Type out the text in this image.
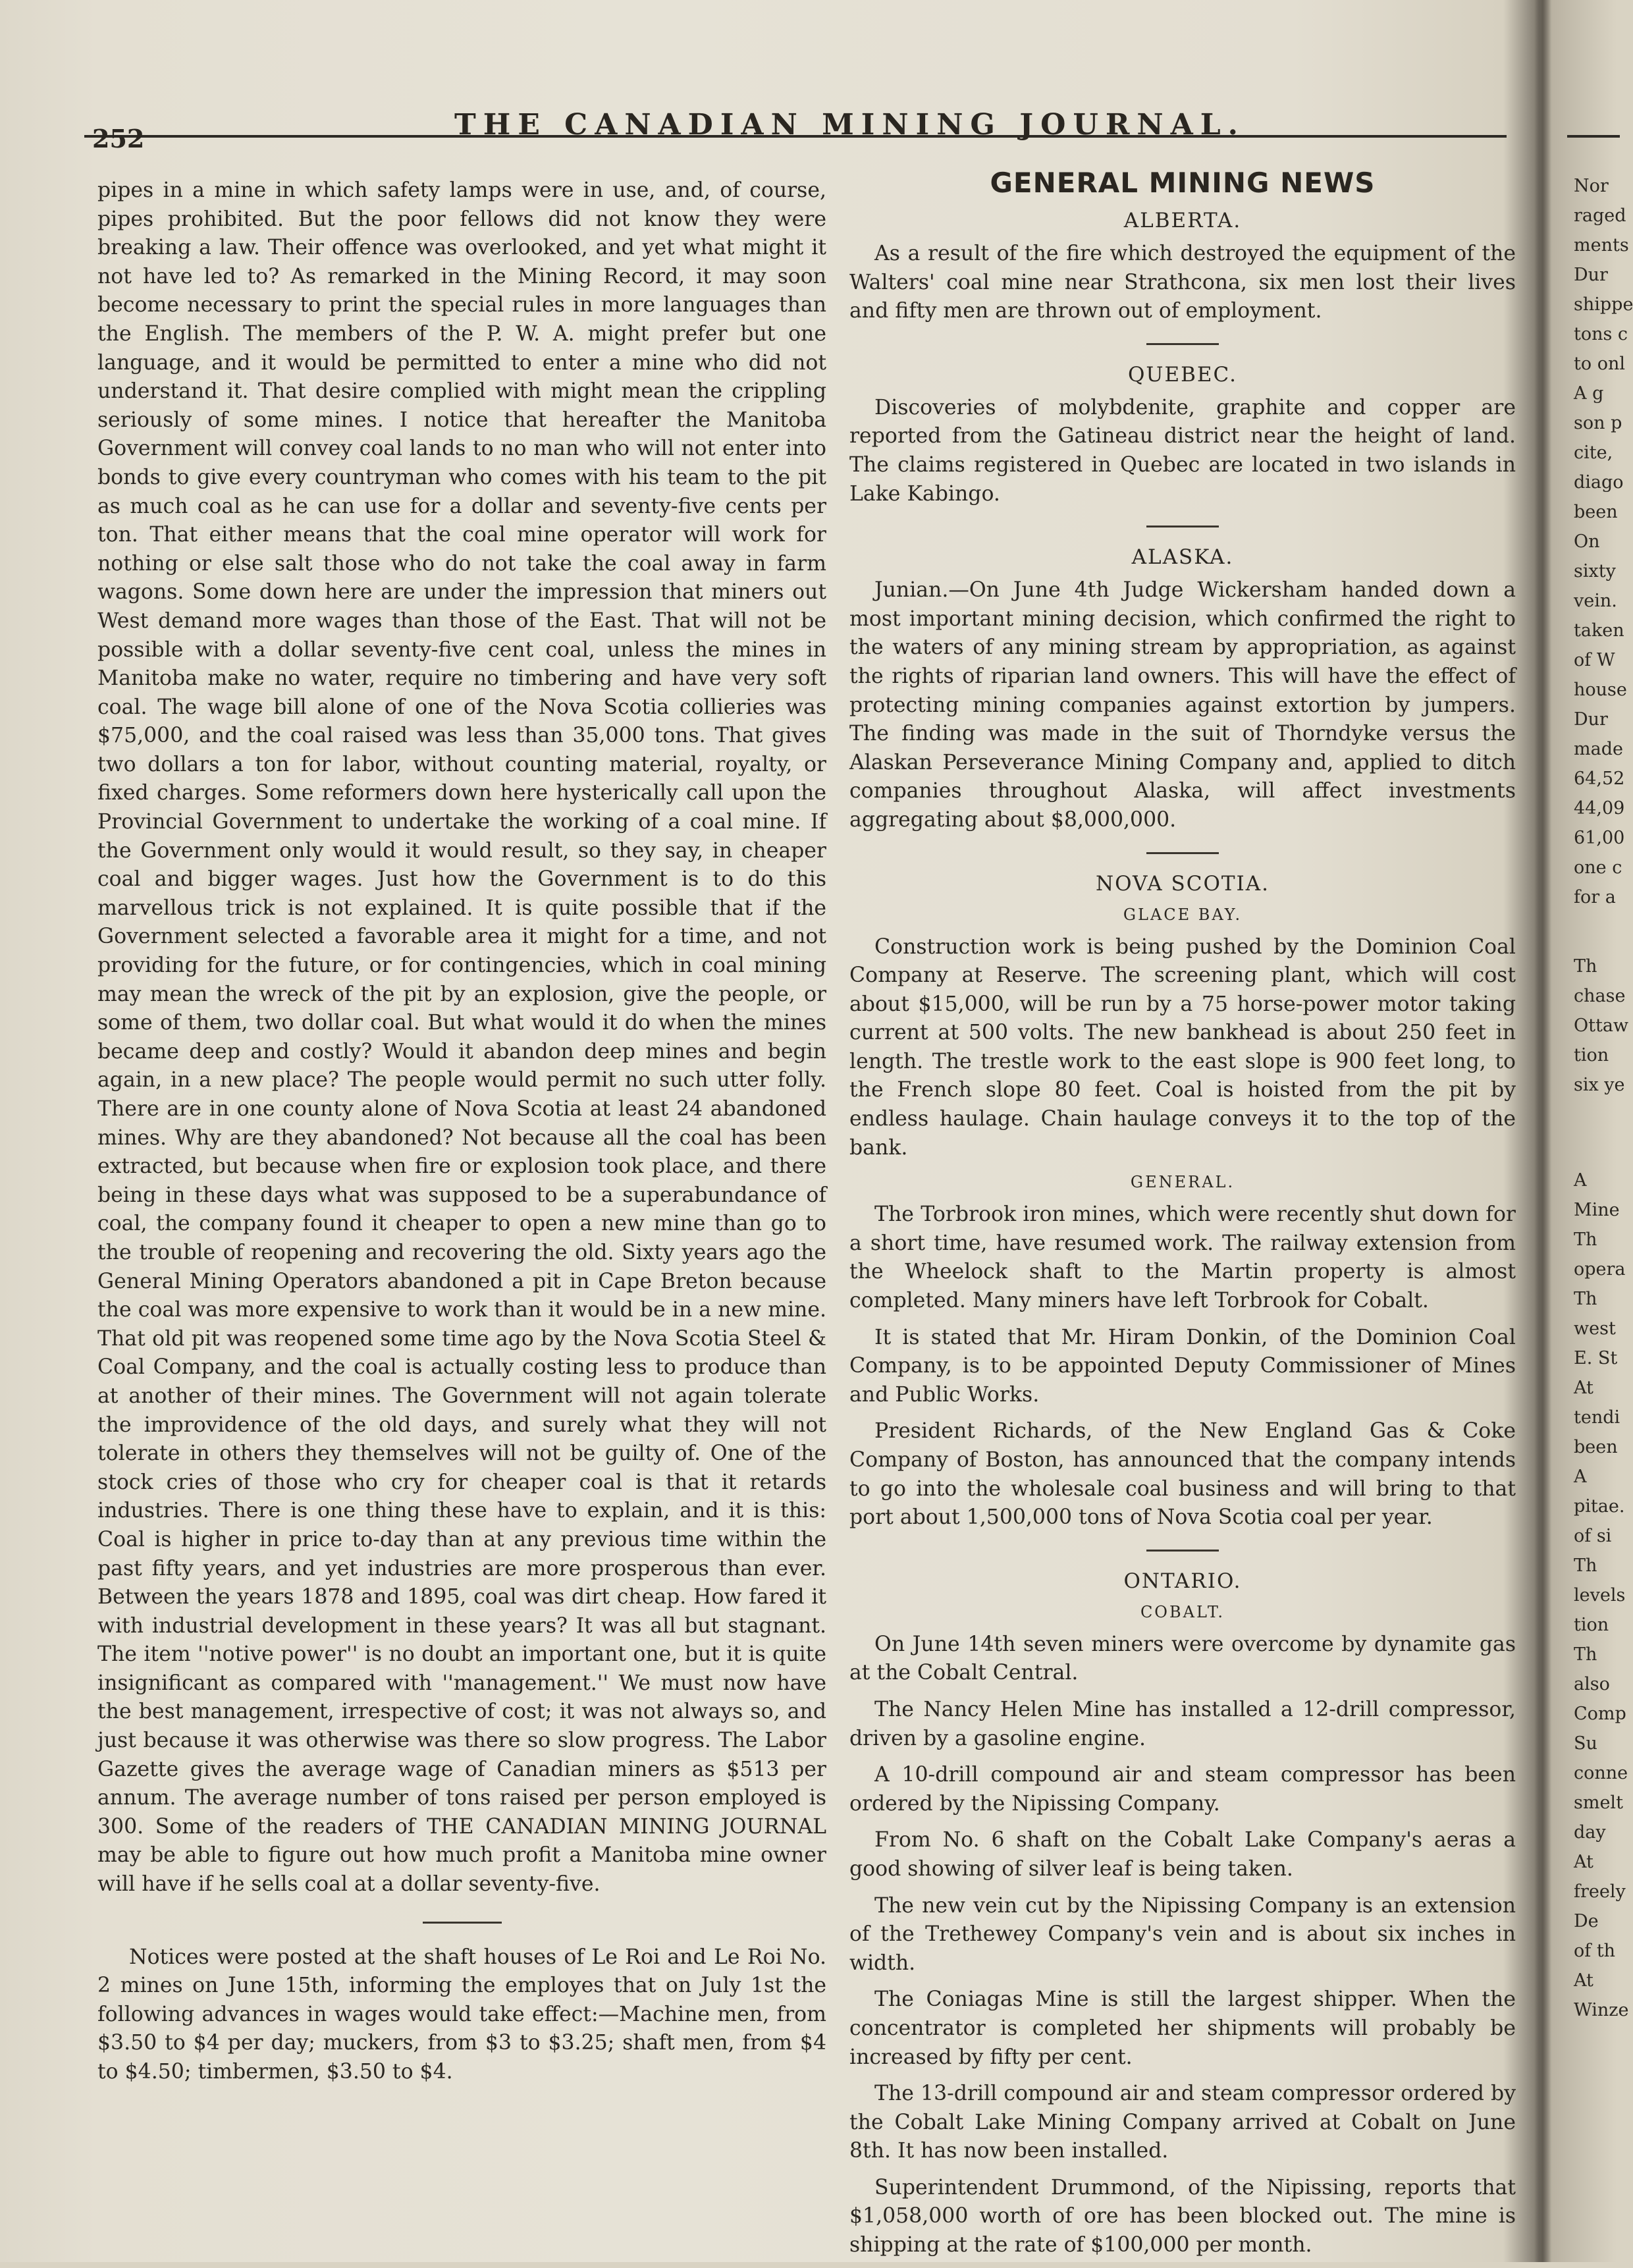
252	THE CANADIAN MINING JOURNAL.

pipes in a mine in which safety lamps were in use, and, of course, pipes prohibited. But the poor fellows did not know they were breaking a law. Their offence was overlooked, and yet what might it not have led to? As remarked in the Mining Record, it may soon become necessary to print the special rules in more languages than the English. The members of the P. W. A. might prefer but one language, and it would be permitted to enter a mine who did not understand it. That desire complied with might mean the crippling seriously of some mines. I notice that hereafter the Manitoba Government will convey coal lands to no man who will not enter into bonds to give every countryman who comes with his team to the pit as much coal as he can use for a dollar and seventy-five cents per ton. That either means that the coal mine operator will work for nothing or else salt those who do not take the coal away in farm wagons. Some down here are under the impression that miners out West demand more wages than those of the East. That will not be possible with a dollar seventy-five cent coal, unless the mines in Manitoba make no water, require no timbering and have very soft coal. The wage bill alone of one of the Nova Scotia collieries was $75,000, and the coal raised was less than 35,000 tons. That gives two dollars a ton for labor, without counting material, royalty, or fixed charges. Some reformers down here hysterically call upon the Provincial Government to undertake the working of a coal mine. If the Government only would it would result, so they say, in cheaper coal and bigger wages. Just how the Government is to do this marvellous trick is not explained. It is quite possible that if the Government selected a favorable area it might for a time, and not providing for the future, or for contingencies, which in coal mining may mean the wreck of the pit by an explosion, give the people, or some of them, two dollar coal. But what would it do when the mines became deep and costly? Would it abandon deep mines and begin again, in a new place? The people would permit no such utter folly. There are in one county alone of Nova Scotia at least 24 abandoned mines. Why are they abandoned? Not because all the coal has been extracted, but because when fire or explosion took place, and there being in these days what was supposed to be a superabundance of coal, the company found it cheaper to open a new mine than go to the trouble of reopening and recovering the old. Sixty years ago the General Mining Operators abandoned a pit in Cape Breton because the coal was more expensive to work than it would be in a new mine. That old pit was reopened some time ago by the Nova Scotia Steel & Coal Company, and the coal is actually costing less to produce than at another of their mines. The Government will not again tolerate the improvidence of the old days, and surely what they will not tolerate in others they themselves will not be guilty of. One of the stock cries of those who cry for cheaper coal is that it retards industries. There is one thing these have to explain, and it is this: Coal is higher in price to-day than at any previous time within the past fifty years, and yet industries are more prosperous than ever. Between the years 1878 and 1895, coal was dirt cheap. How fared it with industrial development in these years? It was all but stagnant. The item ''notive power'' is no doubt an important one, but it is quite insignificant as compared with ''management.'' We must now have the best management, irrespective of cost; it was not always so, and just because it was otherwise was there so slow progress. The Labor Gazette gives the average wage of Canadian miners as $513 per annum. The average number of tons raised per person employed is 300. Some of the readers of THE CANADIAN MINING JOURNAL may be able to figure out how much profit a Manitoba mine owner will have if he sells coal at a dollar seventy-five.

Notices were posted at the shaft houses of Le Roi and Le Roi No. 2 mines on June 15th, informing the employes that on July 1st the following advances in wages would take effect:—Machine men, from $3.50 to $4 per day; muckers, from $3 to $3.25; shaft men, from $4 to $4.50; timbermen, $3.50 to $4.

GENERAL MINING NEWS
ALBERTA.

As a result of the fire which destroyed the equipment of the Walters' coal mine near Strathcona, six men lost their lives and fifty men are thrown out of employment.

QUEBEC.

Discoveries of molybdenite, graphite and copper are reported from the Gatineau district near the height of land. The claims registered in Quebec are located in two islands in Lake Kabingo.

ALASKA.

Junian.—On June 4th Judge Wickersham handed down a most important mining decision, which confirmed the right to the waters of any mining stream by appropriation, as against the rights of riparian land owners. This will have the effect of protecting mining companies against extortion by jumpers. The finding was made in the suit of Thorndyke versus the Alaskan Perseverance Mining Company and, applied to ditch companies throughout Alaska, will affect investments aggregating about $8,000,000.

NOVA SCOTIA.
GLACE BAY.

Construction work is being pushed by the Dominion Coal Company at Reserve. The screening plant, which will cost about $15,000, will be run by a 75 horse-power motor taking current at 500 volts. The new bankhead is about 250 feet in length. The trestle work to the east slope is 900 feet long, to the French slope 80 feet. Coal is hoisted from the pit by endless haulage. Chain haulage conveys it to the top of the bank.

GENERAL.

The Torbrook iron mines, which were recently shut down for a short time, have resumed work. The railway extension from the Wheelock shaft to the Martin property is almost completed. Many miners have left Torbrook for Cobalt.

It is stated that Mr. Hiram Donkin, of the Dominion Coal Company, is to be appointed Deputy Commissioner of Mines and Public Works.

President Richards, of the New England Gas & Coke Company of Boston, has announced that the company intends to go into the wholesale coal business and will bring to that port about 1,500,000 tons of Nova Scotia coal per year.

ONTARIO.
COBALT.

On June 14th seven miners were overcome by dynamite gas at the Cobalt Central.

The Nancy Helen Mine has installed a 12-drill compressor, driven by a gasoline engine.

A 10-drill compound air and steam compressor has been ordered by the Nipissing Company.

From No. 6 shaft on the Cobalt Lake Company's aeras a good showing of silver leaf is being taken.

The new vein cut by the Nipissing Company is an extension of the Trethewey Company's vein and is about six inches in width.

The Coniagas Mine is still the largest shipper. When the concentrator is completed her shipments will probably be increased by fifty per cent.

The 13-drill compound air and steam compressor ordered by the Cobalt Lake Mining Company arrived at Cobalt on June 8th. It has now been installed.

Superintendent Drummond, of the Nipissing, reports that $1,058,000 worth of ore has been blocked out. The mine is shipping at the rate of $100,000 per month.

Nor

raged

ments

Dur

shippe

tons c

to onl

A g

son p

cite,

diago

been

On

sixty

vein.

taken

of W

house

Dur

made

64,52

44,09

61,00

one c

for a

Th

chase

Ottaw

tion

six ye

A

Mine

Th

opera

Th

west

E. St

At

tendi

been

A

pitae.

of si

Th

levels

tion

Th

also

Comp

Su

conne

smelt

day

At

freely

De

of th

At

Winze
